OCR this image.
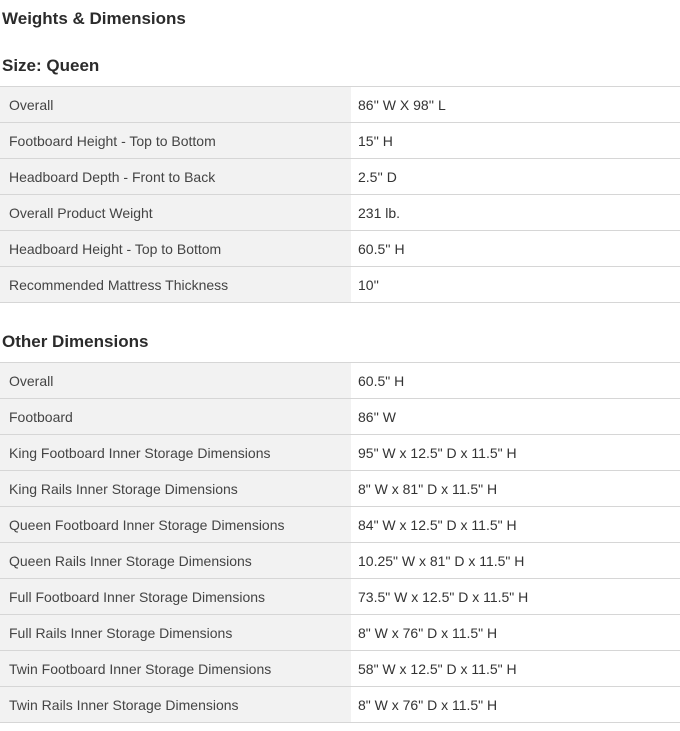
Weights & Dimensions
Size: Queen
Overall	86'' W X 98'' L
Footboard Height - Top to Bottom	15'' H
Headboard Depth - Front to Back	2.5'' D
Overall Product Weight	231 lb.
Headboard Height - Top to Bottom	60.5'' H
Recommended Mattress Thickness	10''
Other Dimensions
Overall	60.5" H
Footboard	86'' W
King Footboard Inner Storage Dimensions	95" W x 12.5" D x 11.5" H
King Rails Inner Storage Dimensions	8" W x 81" D x 11.5" H
Queen Footboard Inner Storage Dimensions	84" W x 12.5" D x 11.5" H
Queen Rails Inner Storage Dimensions	10.25" W x 81" D x 11.5" H
Full Footboard Inner Storage Dimensions	73.5" W x 12.5" D x 11.5" H
Full Rails Inner Storage Dimensions	8" W x 76" D x 11.5" H
Twin Footboard Inner Storage Dimensions	58" W x 12.5" D x 11.5" H
Twin Rails Inner Storage Dimensions	8" W x 76" D x 11.5" H
